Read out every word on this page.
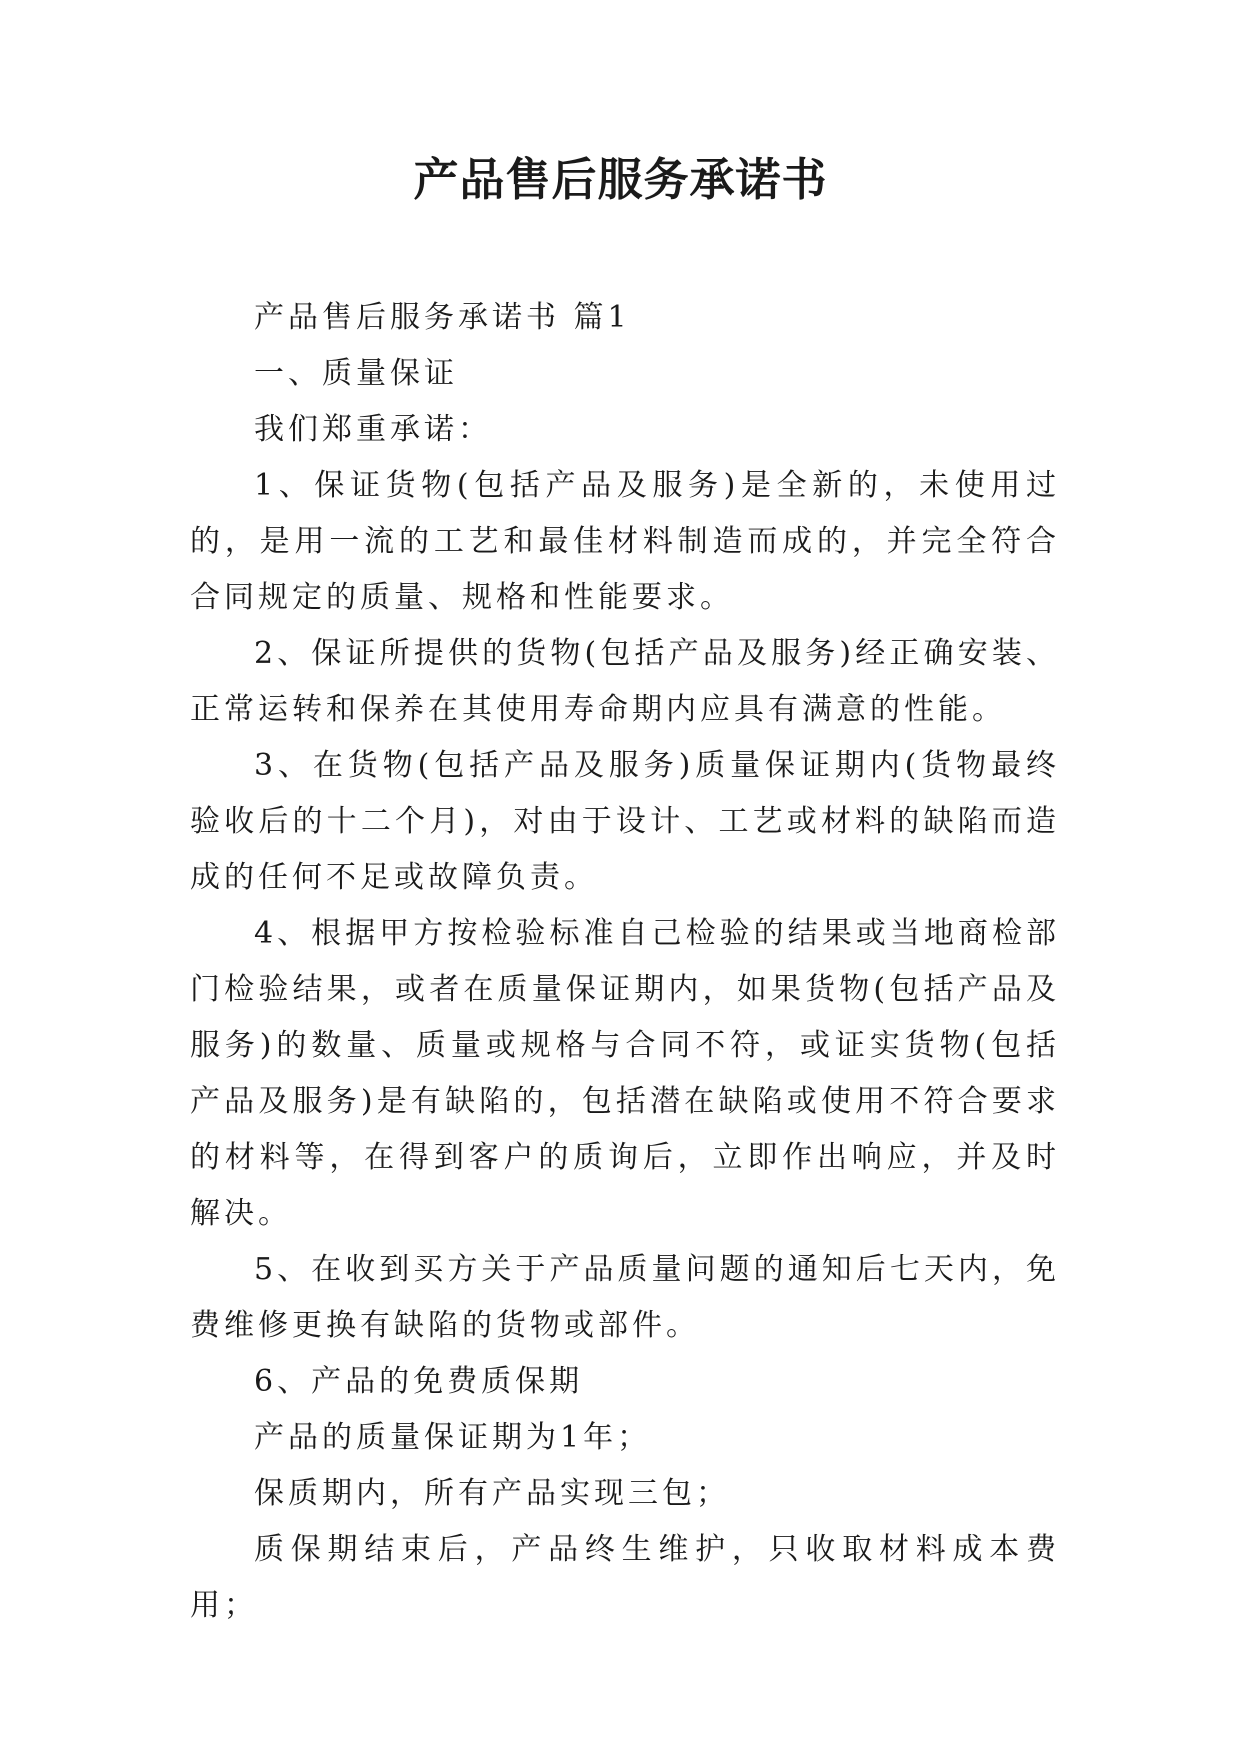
产品售后服务承诺书

产品售后服务承诺书 篇1

一、质量保证

我们郑重承诺：

1、保证货物(包括产品及服务)是全新的，未使用过的，是用一流的工艺和最佳材料制造而成的，并完全符合合同规定的质量、规格和性能要求。

2、保证所提供的货物(包括产品及服务)经正确安装、正常运转和保养在其使用寿命期内应具有满意的性能。

3、在货物(包括产品及服务)质量保证期内(货物最终验收后的十二个月)，对由于设计、工艺或材料的缺陷而造成的任何不足或故障负责。

4、根据甲方按检验标准自己检验的结果或当地商检部门检验结果，或者在质量保证期内，如果货物(包括产品及服务)的数量、质量或规格与合同不符，或证实货物(包括产品及服务)是有缺陷的，包括潜在缺陷或使用不符合要求的材料等，在得到客户的质询后，立即作出响应，并及时解决。

5、在收到买方关于产品质量问题的通知后七天内，免费维修更换有缺陷的货物或部件。

6、产品的免费质保期

产品的质量保证期为1年；

保质期内，所有产品实现三包；

质保期结束后，产品终生维护，只收取材料成本费用；
